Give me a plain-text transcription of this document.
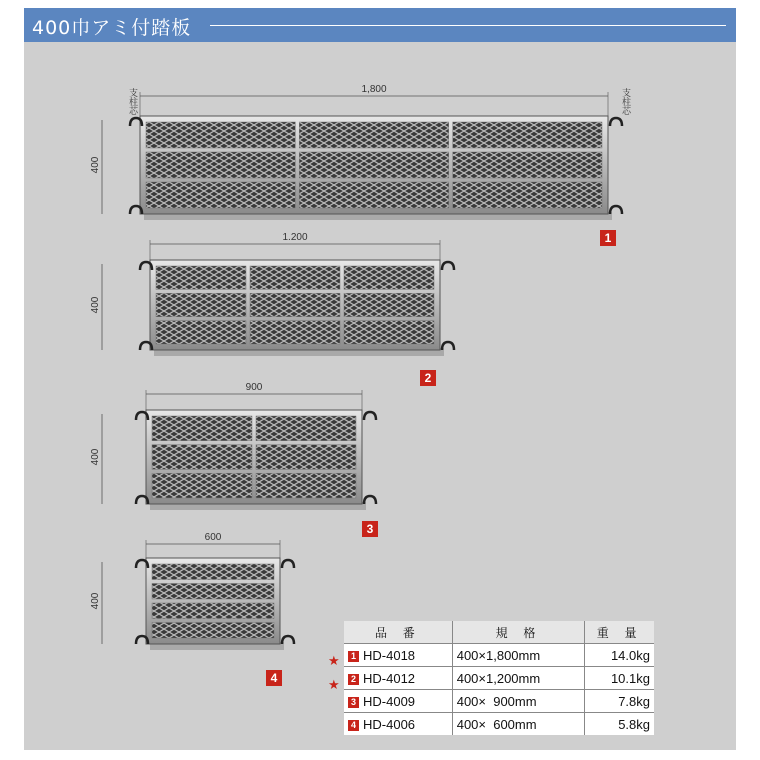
400巾アミ付踏板
1,800
400
1.200
400
900
400
600
400
支柱芯	支柱芯
1
2
3
4
★
★
品 番	規 格	重 量
1 HD-4018	400×1,800mm	14.0kg
2 HD-4012	400×1,200mm	10.1kg
3 HD-4009	400×  900mm	7.8kg
4 HD-4006	400×  600mm	5.8kg
